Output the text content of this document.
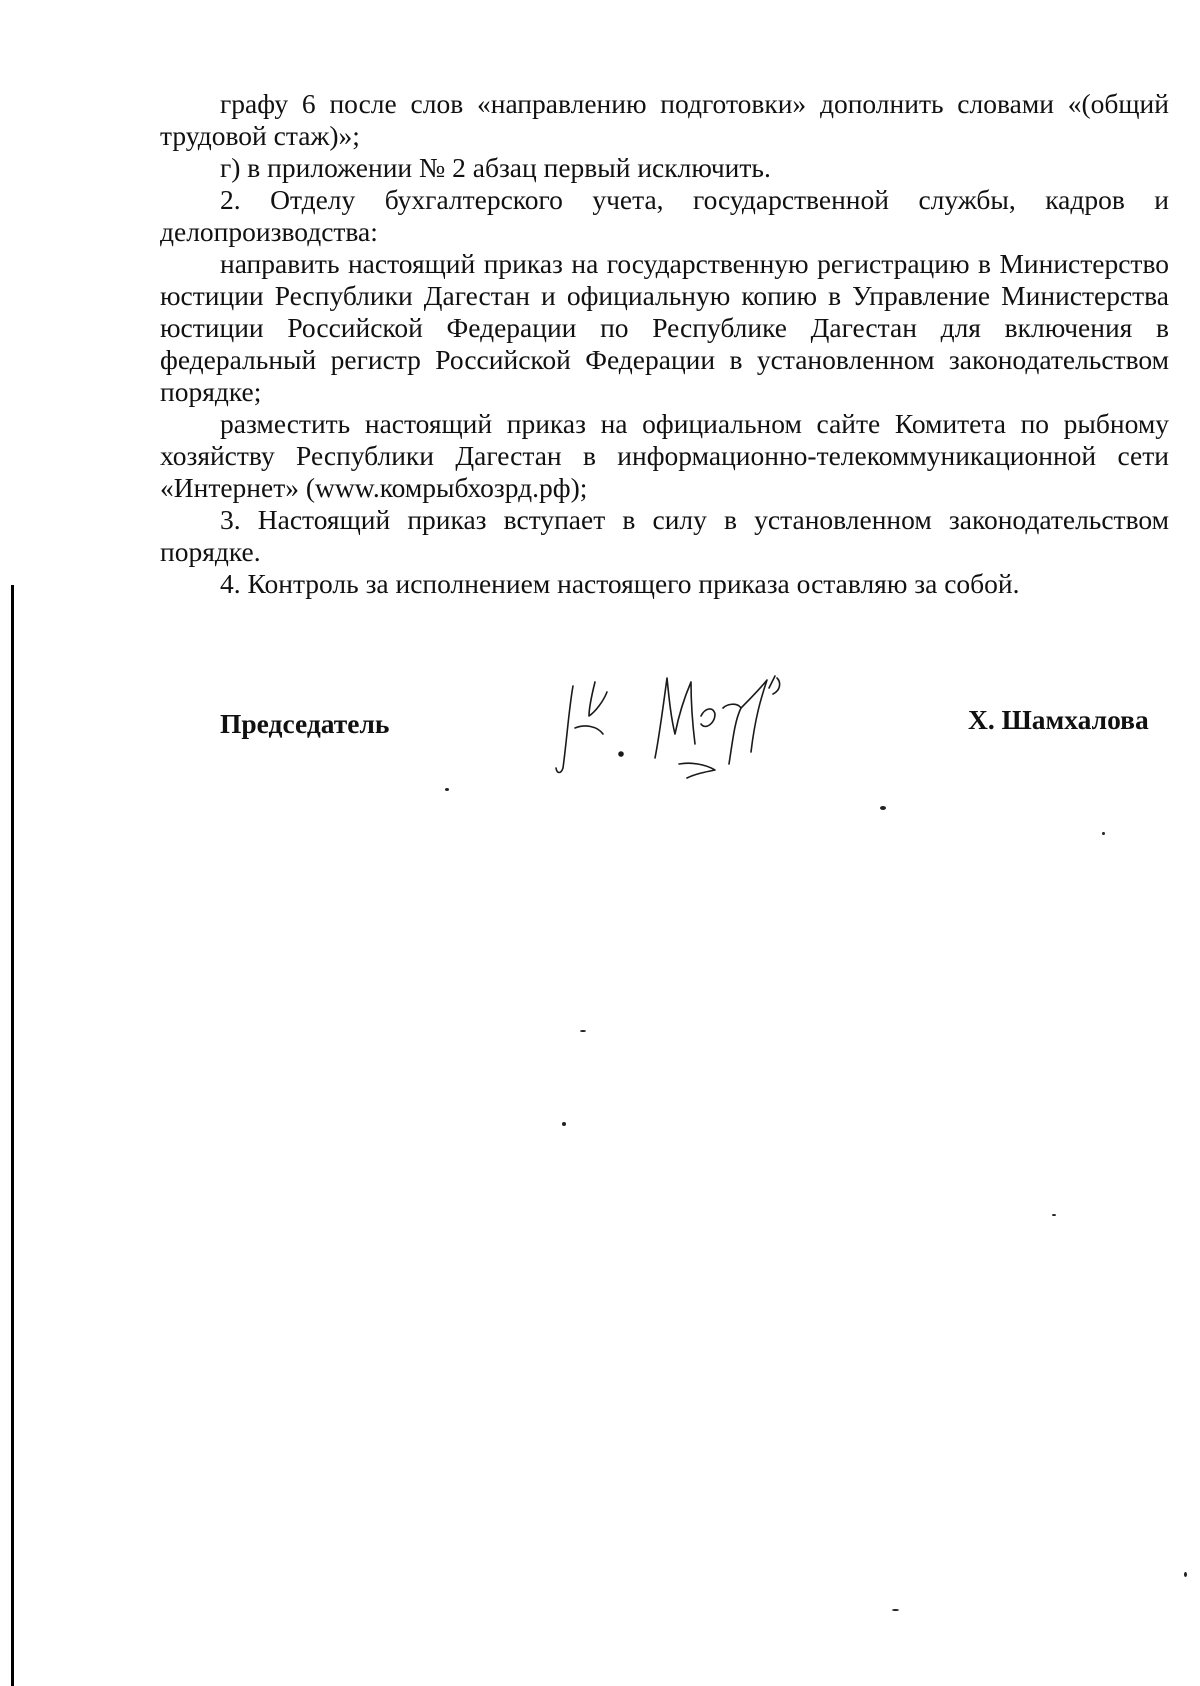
графу 6 после слов «направлению подготовки» дополнить словами «(общий трудовой стаж)»;

г) в приложении № 2 абзац первый исключить.

2. Отделу бухгалтерского учета, государственной службы, кадров и делопроизводства:

направить настоящий приказ на государственную регистрацию в Министерство юстиции Республики Дагестан и официальную копию в Управление Министерства юстиции Российской Федерации по Республике Дагестан для включения в федеральный регистр Российской Федерации в установленном законодательством порядке;

разместить настоящий приказ на официальном сайте Комитета по рыбному хозяйству Республики Дагестан в информационно-телекоммуникационной сети «Интернет» (www.комрыбхозрд.рф);

3. Настоящий приказ вступает в силу в установленном законодательством порядке.

4. Контроль за исполнением настоящего приказа оставляю за собой.

Председатель	Х. Шамхалова
